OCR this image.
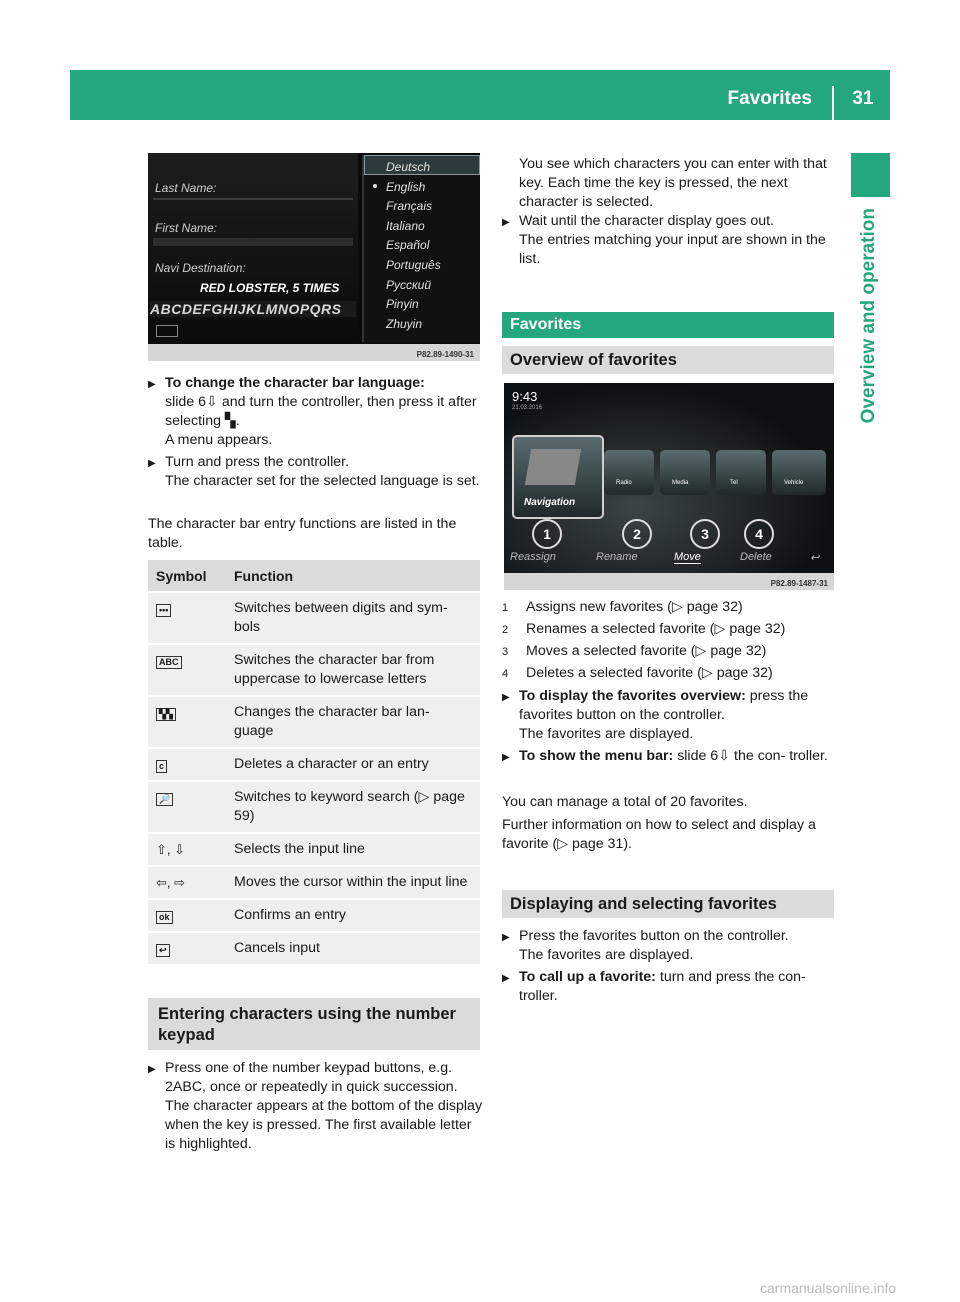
Favorites	31
Overview and operation
Last Name:
First Name:
Navi Destination:
RED LOBSTER, 5 TIMES
ABCDEFGHIJKLMNOPQRS
Deutsch
English
Français
Italiano
Español
Português
Русский
Pinyin
Zhuyin
P82.89-1490-31

▶ To change the character bar language:
slide 6⇩ and turn the controller, then press it after selecting ▚.

A menu appears.

▶ Turn and press the controller.

The character set for the selected language is set.

The character bar entry functions are listed in the table.

Symbol	Function
•••	Switches between digits and sym- bols
ABC	Switches the character bar from uppercase to lowercase letters
▚▚	Changes the character bar lan- guage
c	Deletes a character or an entry
🔎	Switches to keyword search (▷ page 59)
⇧, ⇩	Selects the input line
⇦, ⇨	Moves the cursor within the input line
ok	Confirms an entry
↩	Cancels input
Entering characters using the number keypad

▶ Press one of the number keypad buttons, e.g. 2ABC, once or repeatedly in quick succession.

The character appears at the bottom of the display when the key is pressed. The first available letter is highlighted.

You see which characters you can enter with that key. Each time the key is pressed, the next character is selected.

▶ Wait until the character display goes out.

The entries matching your input are shown in the list.

Favorites
Overview of favorites
9:43
21.03.2016
Navigation
Radio	Media	Tel	Vehicle
1	2	3	4
Reassign	Rename	Move	Delete	↩
P82.89-1487-31
1 Assigns new favorites (▷ page 32)
2 Renames a selected favorite (▷ page 32)
3 Moves a selected favorite (▷ page 32)
4 Deletes a selected favorite (▷ page 32)

▶ To display the favorites overview: press the favorites button on the controller.

The favorites are displayed.

▶ To show the menu bar: slide 6⇩ the con- troller.

You can manage a total of 20 favorites.

Further information on how to select and display a favorite (▷ page 31).

Displaying and selecting favorites

▶ Press the favorites button on the controller.

The favorites are displayed.

▶ To call up a favorite: turn and press the con- troller.

carmanualsonline.info
